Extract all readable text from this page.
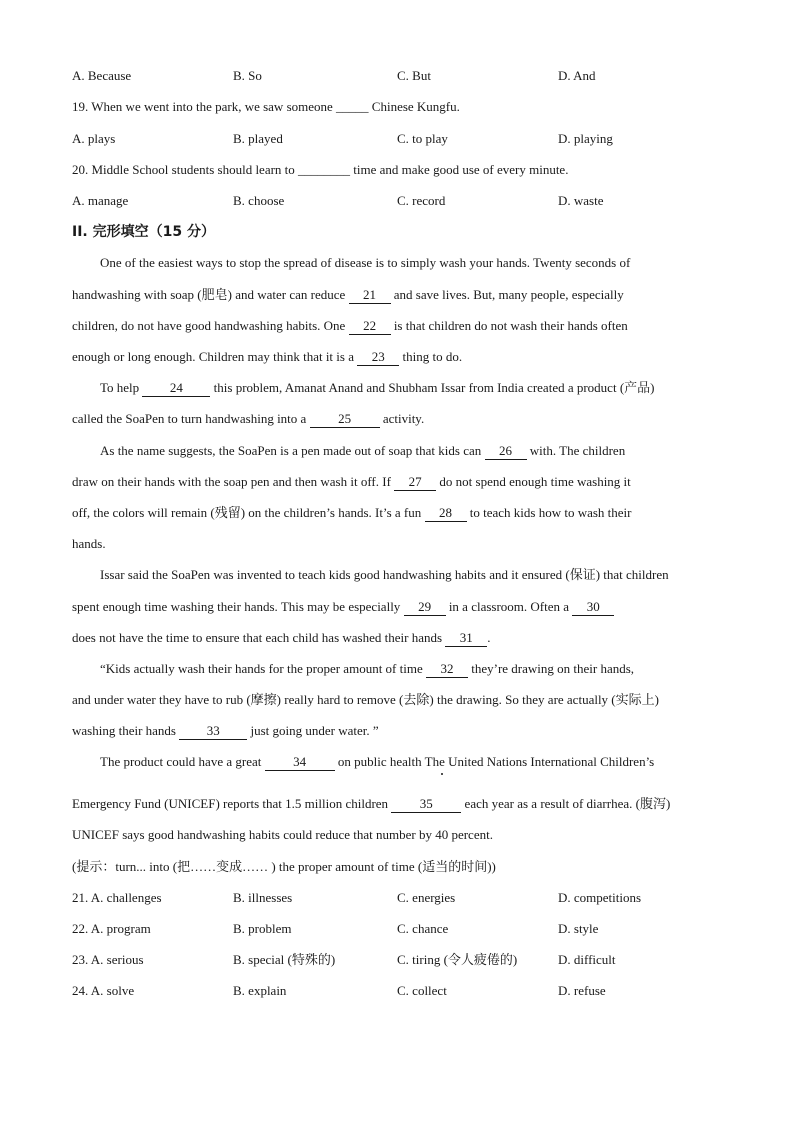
A. Because	B. So	C. But	D. And
19. When we went into the park, we saw someone _____ Chinese Kungfu.
A. plays	B. played	C. to play	D. playing
20. Middle School students should learn to ________ time and make good use of every minute.
A. manage	B. choose	C. record	D. waste
II. 完形填空（15 分）
One of the easiest ways to stop the spread of disease is to simply wash your hands. Twenty seconds of
handwashing with soap (肥皂) and water can reduce 21 and save lives. But, many people, especially
children, do not have good handwashing habits. One 22 is that children do not wash their hands often
enough or long enough. Children may think that it is a 23 thing to do.
To help 24 this problem, Amanat Anand and Shubham Issar from India created a product (产品)
called the SoaPen to turn handwashing into a 25 activity.
As the name suggests, the SoaPen is a pen made out of soap that kids can 26 with. The children
draw on their hands with the soap pen and then wash it off. If 27 do not spend enough time washing it
off, the colors will remain (残留) on the children’s hands. It’s a fun 28 to teach kids how to wash their
hands.
Issar said the SoaPen was invented to teach kids good handwashing habits and it ensured (保证) that children
spent enough time washing their hands. This may be especially 29 in a classroom. Often a 30
does not have the time to ensure that each child has washed their hands 31 .
“Kids actually wash their hands for the proper amount of time 32 they’re drawing on their hands,
and under water they have to rub (摩擦) really hard to remove (去除) the drawing. So they are actually (实际上)
washing their hands 33 just going under water. ”
The product could have a great 34 on public health The United Nations International Children’s
Emergency Fund (UNICEF) reports that 1.5 million children 35 each year as a result of diarrhea. (腹泻)
UNICEF says good handwashing habits could reduce that number by 40 percent.
(提示：turn... into (把……变成…… ) the proper amount of time (适当的时间))
21. A. challenges	B. illnesses	C. energies	D. competitions
22. A. program	B. problem	C. chance	D. style
23. A. serious	B. special (特殊的)	C. tiring (令人疲倦的)	D. difficult
24. A. solve	B. explain	C. collect	D. refuse
